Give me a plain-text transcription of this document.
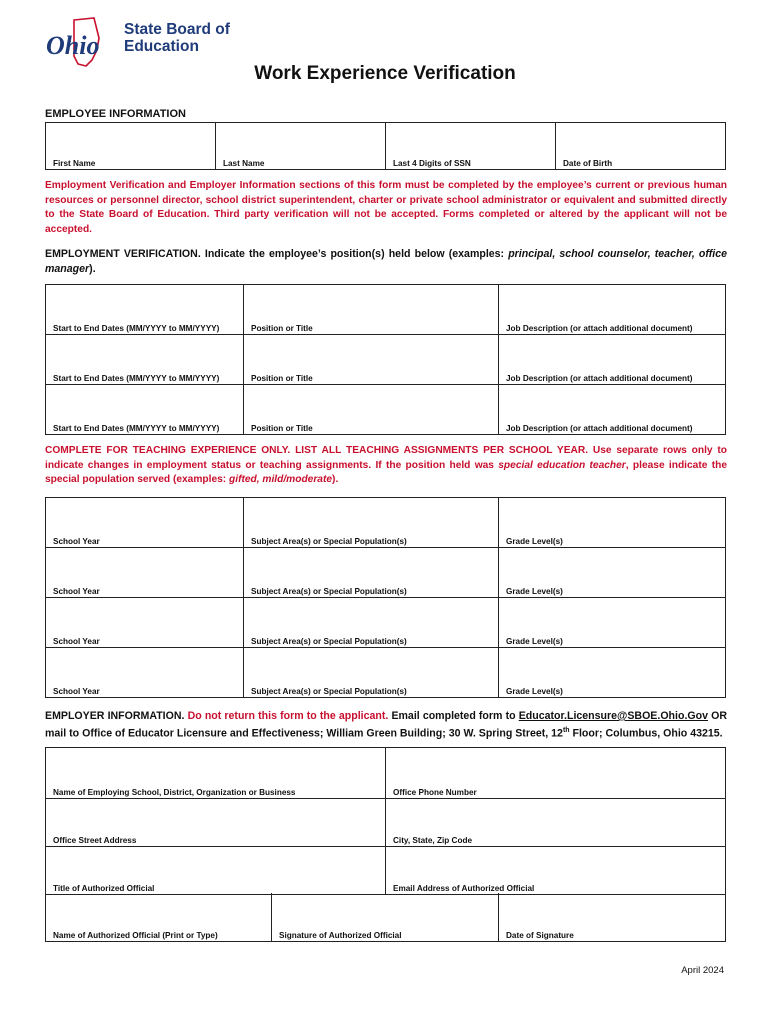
Ohio
State Board of
Education
Work Experience Verification
EMPLOYEE INFORMATION
First Name	Last Name	Last 4 Digits of SSN	Date of Birth
Employment Verification and Employer Information sections of this form must be completed by the employee’s current or previous human resources or personnel director, school district superintendent, charter or private school administrator or equivalent and submitted directly to the State Board of Education. Third party verification will not be accepted. Forms completed or altered by the applicant will not be accepted.
EMPLOYMENT VERIFICATION. Indicate the employee’s position(s) held below (examples: principal, school counselor, teacher, office manager).
Start to End Dates (MM/YYYY to MM/YYYY)	Position or Title	Job Description (or attach additional document)
Start to End Dates (MM/YYYY to MM/YYYY)	Position or Title	Job Description (or attach additional document)
Start to End Dates (MM/YYYY to MM/YYYY)	Position or Title	Job Description (or attach additional document)
COMPLETE FOR TEACHING EXPERIENCE ONLY. LIST ALL TEACHING ASSIGNMENTS PER SCHOOL YEAR. Use separate rows only to indicate changes in employment status or teaching assignments. If the position held was special education teacher, please indicate the special population served (examples: gifted, mild/moderate).
School Year	Subject Area(s) or Special Population(s)	Grade Level(s)
School Year	Subject Area(s) or Special Population(s)	Grade Level(s)
School Year	Subject Area(s) or Special Population(s)	Grade Level(s)
School Year	Subject Area(s) or Special Population(s)	Grade Level(s)
EMPLOYER INFORMATION. Do not return this form to the applicant. Email completed form to Educator.Licensure@SBOE.Ohio.Gov OR mail to Office of Educator Licensure and Effectiveness; William Green Building; 30 W. Spring Street, 12th Floor; Columbus, Ohio 43215.
Name of Employing School, District, Organization or Business	Office Phone Number
Office Street Address	City, State, Zip Code
Title of Authorized Official	Email Address of Authorized Official
Name of Authorized Official (Print or Type)	Signature of Authorized Official	Date of Signature
April 2024
